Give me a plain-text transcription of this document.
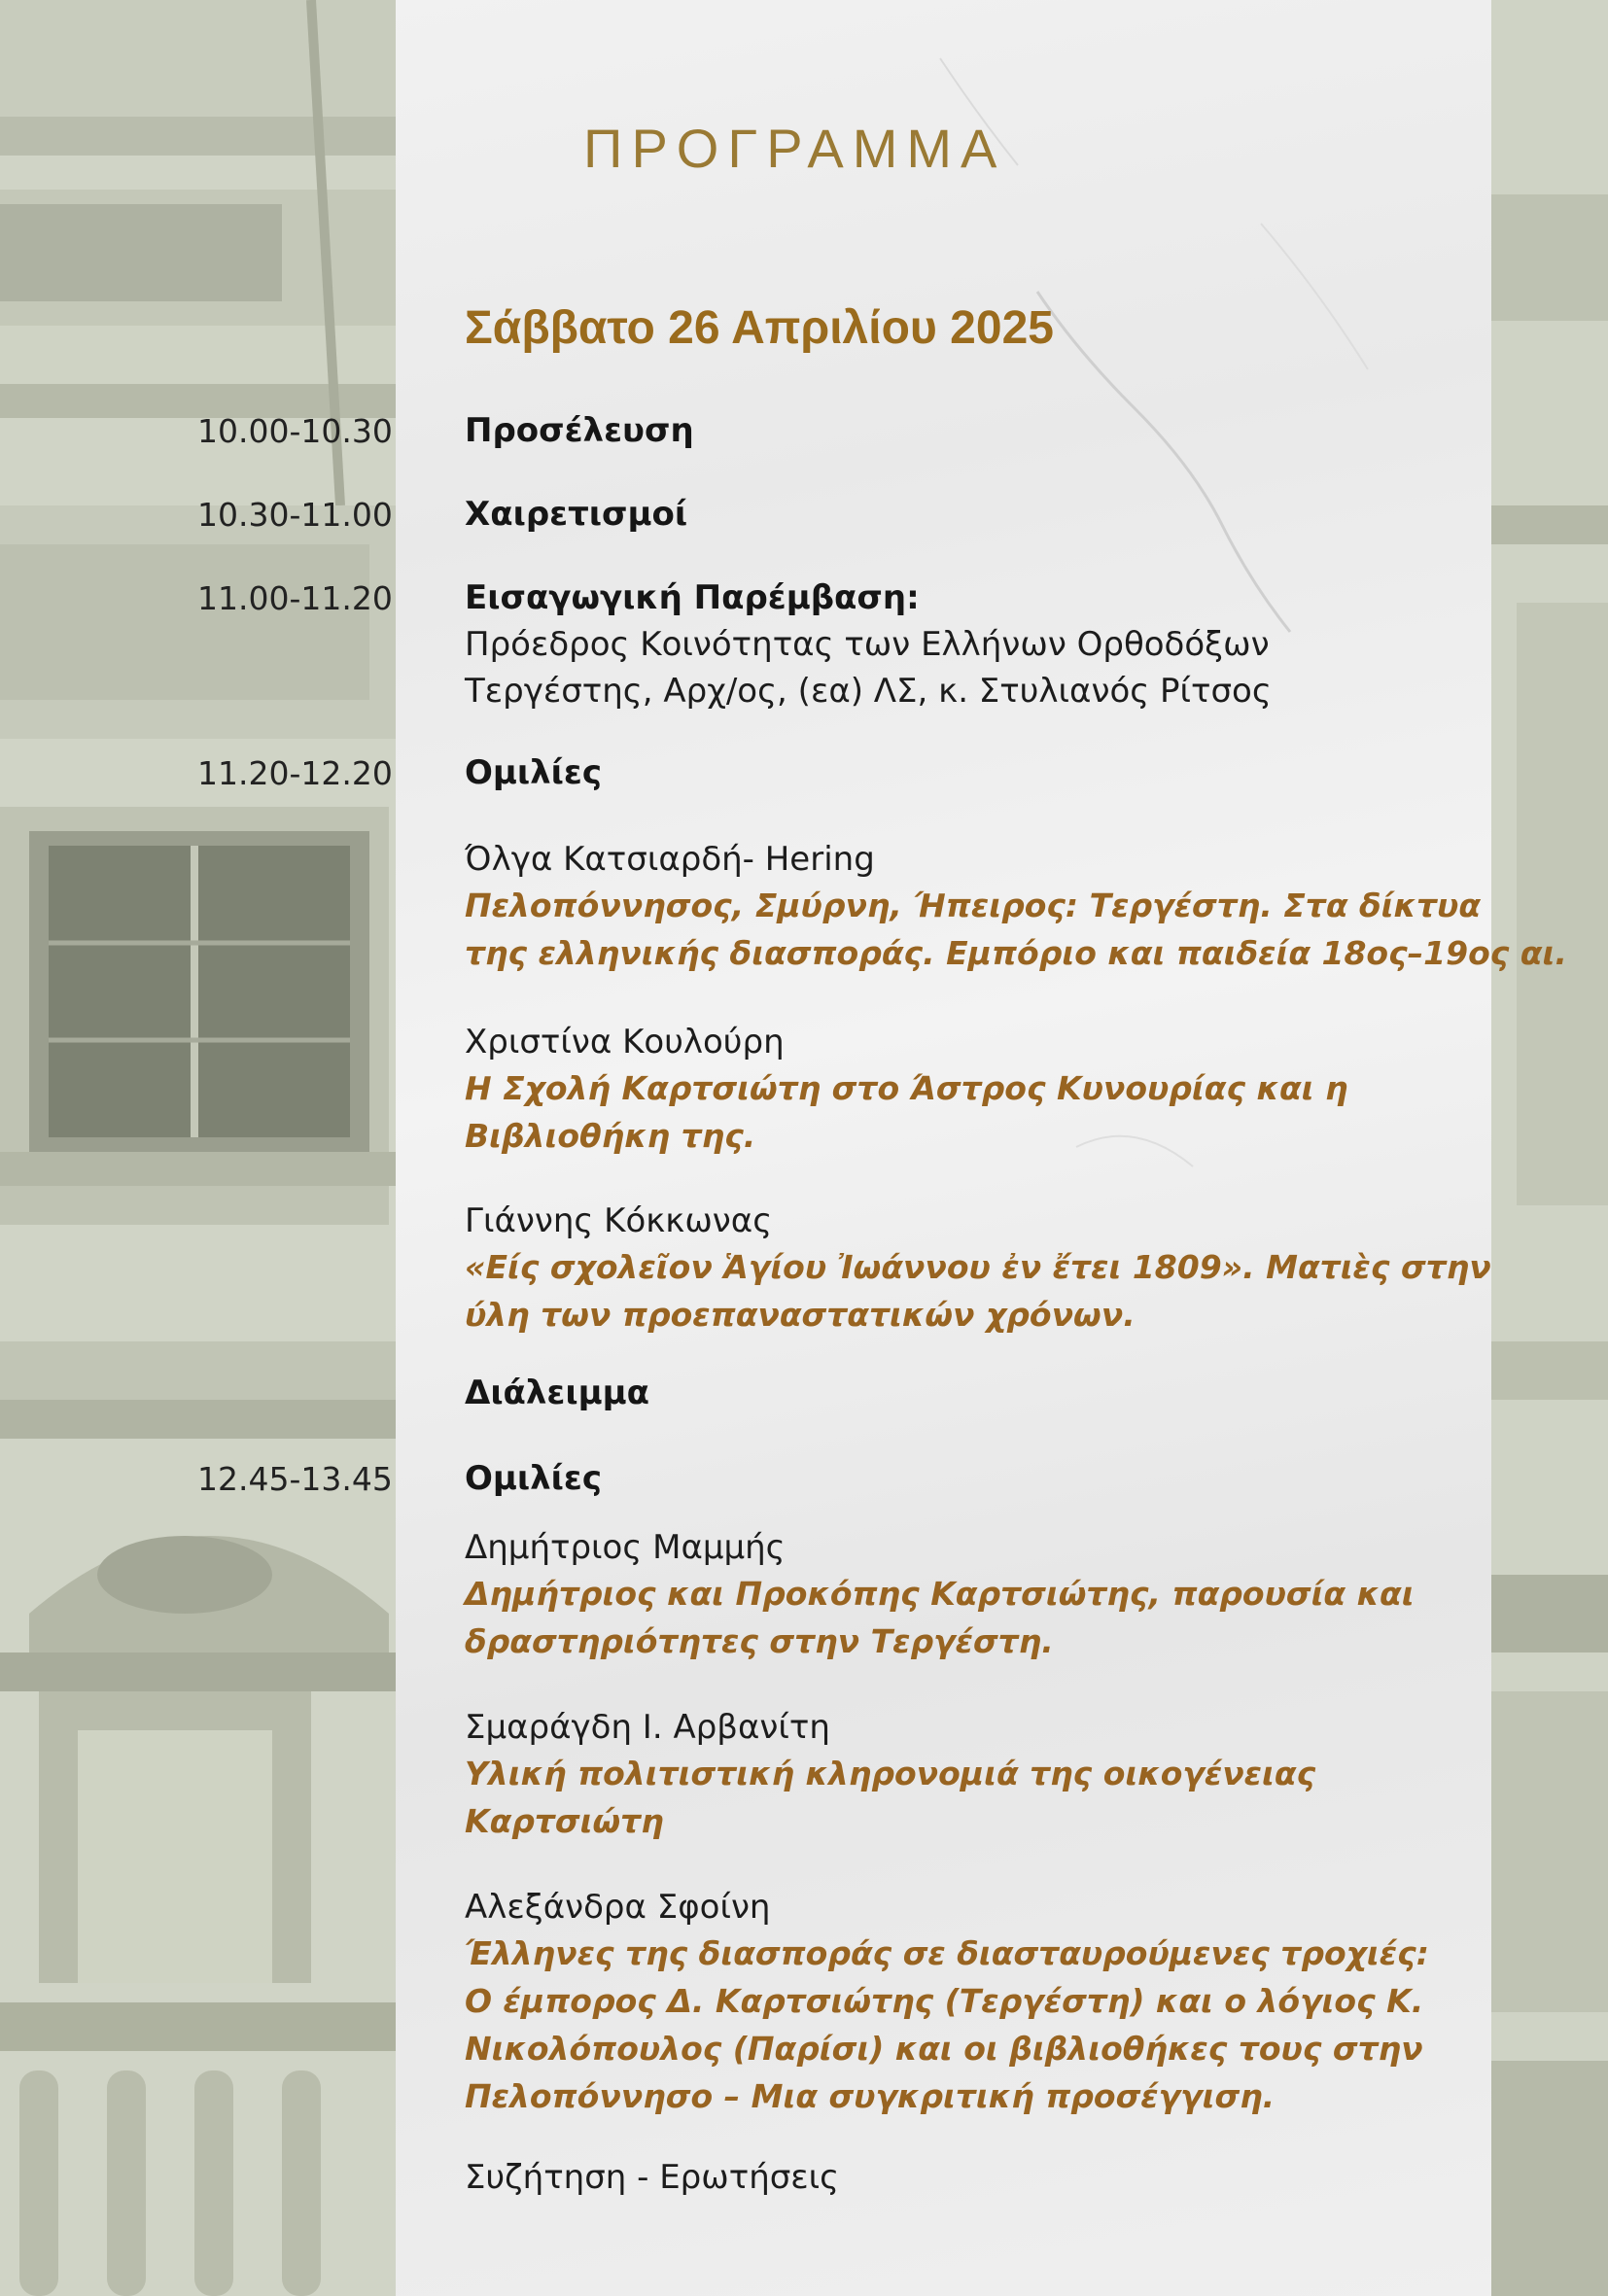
ΠΡΟΓΡΑΜΜΑ
Σάββατο 26 Απριλίου 2025
10.00-10.30 Προσέλευση
10.30-11.00 Χαιρετισμοί
11.00-11.20 Εισαγωγική Παρέμβαση:
Πρόεδρος Κοινότητας των Ελλήνων Ορθοδόξων
Τεργέστης, Αρχ/ος, (εα) ΛΣ, κ. Στυλιανός Ρίτσος
11.20-12.20 Ομιλίες
Όλγα Κατσιαρδή- Hering
Πελοπόννησος, Σμύρνη, Ήπειρος: Τεργέστη. Στα δίκτυα
της ελληνικής διασποράς. Εμπόριο και παιδεία 18ος–19ος αι.
Χριστίνα Κουλούρη
Η Σχολή Καρτσιώτη στο Άστρος Κυνουρίας και η
Βιβλιοθήκη της.
Γιάννης Κόκκωνας
«Είς σχολεῖον Ἁγίου Ἰωάννου ἐν ἔτει 1809». Ματιὲς στην
ύλη των προεπαναστατικών χρόνων.
Διάλειμμα
12.45-13.45 Ομιλίες
Δημήτριος Μαμμής
Δημήτριος και Προκόπης Καρτσιώτης, παρουσία και
δραστηριότητες στην Τεργέστη.
Σμαράγδη Ι. Αρβανίτη
Υλική πολιτιστική κληρονομιά της οικογένειας
Καρτσιώτη
Αλεξάνδρα Σφοίνη
Έλληνες της διασποράς σε διασταυρούμενες τροχιές:
Ο έμπορος Δ. Καρτσιώτης (Τεργέστη) και ο λόγιος Κ.
Νικολόπουλος (Παρίσι) και οι βιβλιοθήκες τους στην
Πελοπόννησο – Μια συγκριτική προσέγγιση.
Συζήτηση - Ερωτήσεις
